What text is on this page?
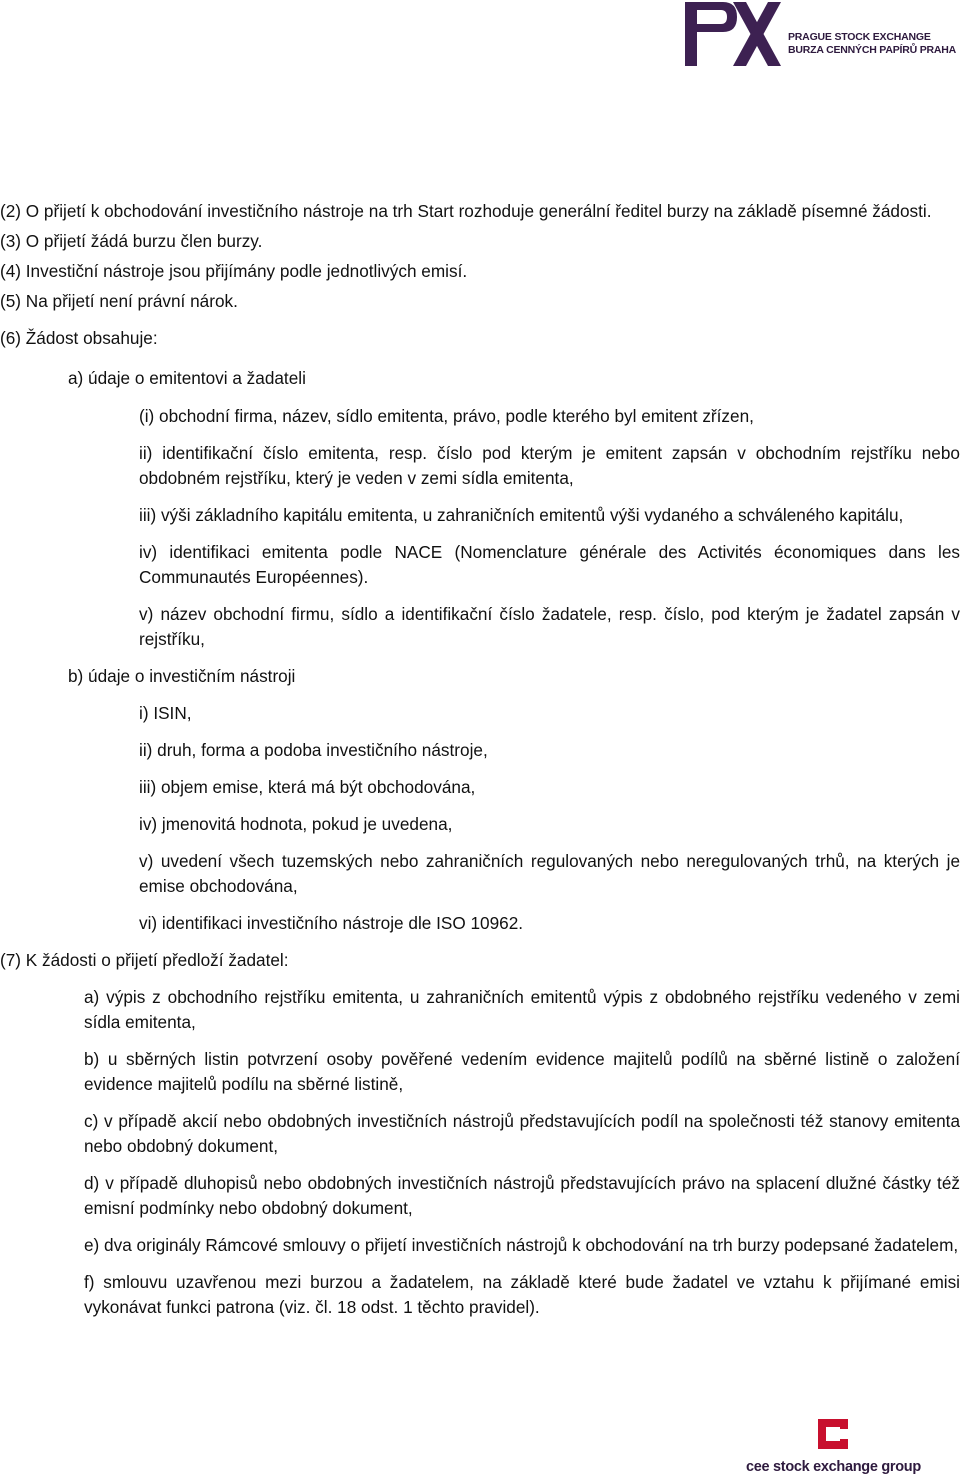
PRAGUE STOCK EXCHANGE
BURZA CENNÝCH PAPÍRŮ PRAHA

(2) O přijetí k obchodování investičního nástroje na trh Start rozhoduje generální ředitel burzy na základě písemné žádosti.

(3) O přijetí žádá burzu člen burzy.

(4) Investiční nástroje jsou přijímány podle jednotlivých emisí.

(5) Na přijetí není právní nárok.

(6) Žádost obsahuje:

a) údaje o emitentovi a žadateli

(i) obchodní firma, název, sídlo emitenta, právo, podle kterého byl emitent zřízen,

ii) identifikační číslo emitenta, resp. číslo pod kterým je emitent zapsán v obchodním rejstříku nebo obdobném rejstříku, který je veden v zemi sídla emitenta,

iii) výši základního kapitálu emitenta, u zahraničních emitentů výši vydaného a schváleného kapitálu,

iv) identifikaci emitenta podle NACE (Nomenclature générale des Activités économiques dans les Communautés Européennes).

v) název obchodní firmu, sídlo a identifikační číslo žadatele, resp. číslo, pod kterým je žadatel zapsán v rejstříku,

b) údaje o investičním nástroji

i) ISIN,

ii) druh, forma a podoba investičního nástroje,

iii) objem emise, která má být obchodována,

iv) jmenovitá hodnota, pokud je uvedena,

v) uvedení všech tuzemských nebo zahraničních regulovaných nebo neregulovaných trhů, na kterých je emise obchodována,

vi) identifikaci investičního nástroje dle ISO 10962.

(7) K žádosti o přijetí předloží žadatel:

a) výpis z obchodního rejstříku emitenta, u zahraničních emitentů výpis z obdobného rejstříku vedeného v zemi sídla emitenta,

b) u sběrných listin potvrzení osoby pověřené vedením evidence majitelů podílů na sběrné listině o založení evidence majitelů podílu na sběrné listině,

c) v případě akcií nebo obdobných investičních nástrojů představujících podíl na společnosti též stanovy emitenta nebo obdobný dokument,

d) v případě dluhopisů nebo obdobných investičních nástrojů představujících právo na splacení dlužné částky též emisní podmínky nebo obdobný dokument,

e) dva originály Rámcové smlouvy o přijetí investičních nástrojů k obchodování na trh burzy podepsané žadatelem,

f) smlouvu uzavřenou mezi burzou a žadatelem, na základě které bude žadatel ve vztahu k přijímané emisi vykonávat funkci patrona (viz. čl. 18 odst. 1 těchto pravidel).

cee stock exchange group
